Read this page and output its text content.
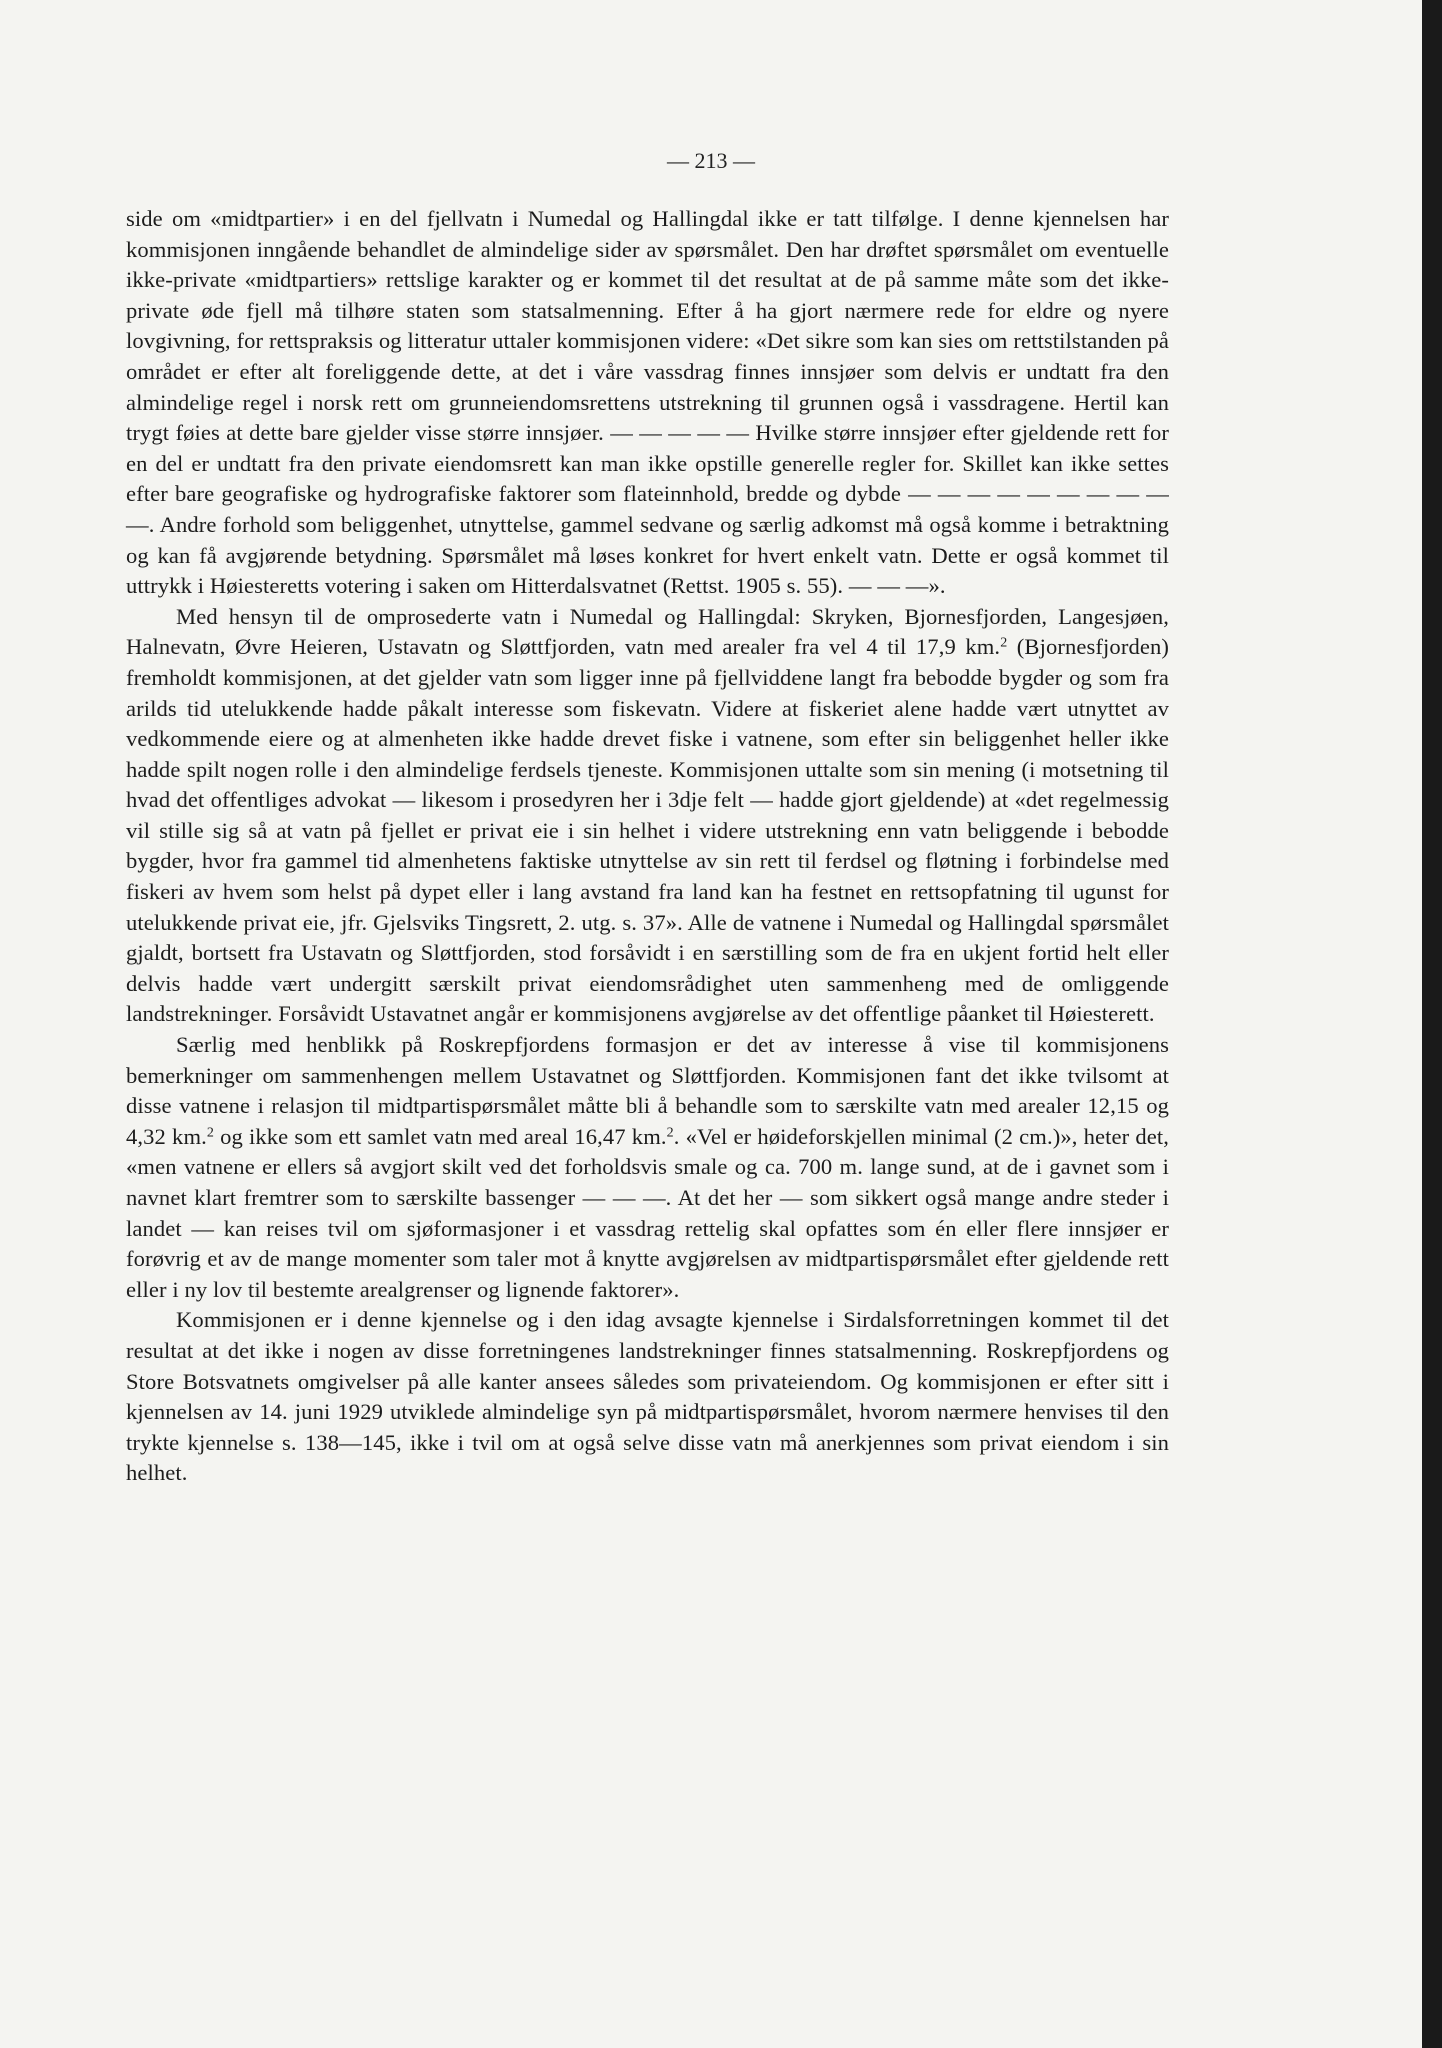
— 213 —

side om «midtpartier» i en del fjellvatn i Numedal og Hallingdal ikke er tatt tilfølge. I denne kjennelsen har kommisjonen inngående behandlet de almindelige sider av spørsmålet. Den har drøftet spørsmålet om eventuelle ikke-private «midtpartiers» rettslige karakter og er kommet til det resultat at de på samme måte som det ikke-private øde fjell må tilhøre staten som statsalmenning. Efter å ha gjort nærmere rede for eldre og nyere lovgivning, for rettspraksis og litteratur uttaler kommisjonen videre: «Det sikre som kan sies om rettstilstanden på området er efter alt foreliggende dette, at det i våre vassdrag finnes innsjøer som delvis er undtatt fra den almindelige regel i norsk rett om grunneiendomsrettens utstrekning til grunnen også i vassdragene. Hertil kan trygt føies at dette bare gjelder visse større innsjøer. — — — — — Hvilke større innsjøer efter gjeldende rett for en del er undtatt fra den private eiendomsrett kan man ikke opstille generelle regler for. Skillet kan ikke settes efter bare geografiske og hydrografiske faktorer som flateinnhold, bredde og dybde — — — — — — — — — —. Andre forhold som beliggenhet, utnyttelse, gammel sedvane og særlig adkomst må også komme i betraktning og kan få avgjørende betydning. Spørsmålet må løses konkret for hvert enkelt vatn. Dette er også kommet til uttrykk i Høiesteretts votering i saken om Hitterdalsvatnet (Rettst. 1905 s. 55). — — —».

Med hensyn til de omprosederte vatn i Numedal og Hallingdal: Skryken, Bjornesfjorden, Langesjøen, Halnevatn, Øvre Heieren, Ustavatn og Sløttfjorden, vatn med arealer fra vel 4 til 17,9 km.$^2$ (Bjornesfjorden) fremholdt kommisjonen, at det gjelder vatn som ligger inne på fjellviddene langt fra bebodde bygder og som fra arilds tid utelukkende hadde påkalt interesse som fiskevatn. Videre at fiskeriet alene hadde vært utnyttet av vedkommende eiere og at almenheten ikke hadde drevet fiske i vatnene, som efter sin beliggenhet heller ikke hadde spilt nogen rolle i den almindelige ferdsels tjeneste. Kommisjonen uttalte som sin mening (i motsetning til hvad det offentliges advokat — likesom i prosedyren her i 3dje felt — hadde gjort gjeldende) at «det regelmessig vil stille sig så at vatn på fjellet er privat eie i sin helhet i videre utstrekning enn vatn beliggende i bebodde bygder, hvor fra gammel tid almenhetens faktiske utnyttelse av sin rett til ferdsel og fløtning i forbindelse med fiskeri av hvem som helst på dypet eller i lang avstand fra land kan ha festnet en rettsopfatning til ugunst for utelukkende privat eie, jfr. Gjelsviks Tingsrett, 2. utg. s. 37». Alle de vatnene i Numedal og Hallingdal spørsmålet gjaldt, bortsett fra Ustavatn og Sløttfjorden, stod forsåvidt i en særstilling som de fra en ukjent fortid helt eller delvis hadde vært undergitt særskilt privat eiendomsrådighet uten sammenheng med de omliggende landstrekninger. Forsåvidt Ustavatnet angår er kommisjonens avgjørelse av det offentlige påanket til Høiesterett.

Særlig med henblikk på Roskrepfjordens formasjon er det av interesse å vise til kommisjonens bemerkninger om sammenhengen mellem Ustavatnet og Sløttfjorden. Kommisjonen fant det ikke tvilsomt at disse vatnene i relasjon til midtpartispørsmålet måtte bli å behandle som to særskilte vatn med arealer 12,15 og 4,32 km.$^2$ og ikke som ett samlet vatn med areal 16,47 km.$^2$. «Vel er høideforskjellen minimal (2 cm.)», heter det, «men vatnene er ellers så avgjort skilt ved det forholdsvis smale og ca. 700 m. lange sund, at de i gavnet som i navnet klart fremtrer som to særskilte bassenger — — —. At det her — som sikkert også mange andre steder i landet — kan reises tvil om sjøformasjoner i et vassdrag rettelig skal opfattes som én eller flere innsjøer er forøvrig et av de mange momenter som taler mot å knytte avgjørelsen av midtpartispørsmålet efter gjeldende rett eller i ny lov til bestemte arealgrenser og lignende faktorer».

Kommisjonen er i denne kjennelse og i den idag avsagte kjennelse i Sirdalsforretningen kommet til det resultat at det ikke i nogen av disse forretningenes landstrekninger finnes statsalmenning. Roskrepfjordens og Store Botsvatnets omgivelser på alle kanter ansees således som privateiendom. Og kommisjonen er efter sitt i kjennelsen av 14. juni 1929 utviklede almindelige syn på midtpartispørsmålet, hvorom nærmere henvises til den trykte kjennelse s. 138—145, ikke i tvil om at også selve disse vatn må anerkjennes som privat eiendom i sin helhet.
